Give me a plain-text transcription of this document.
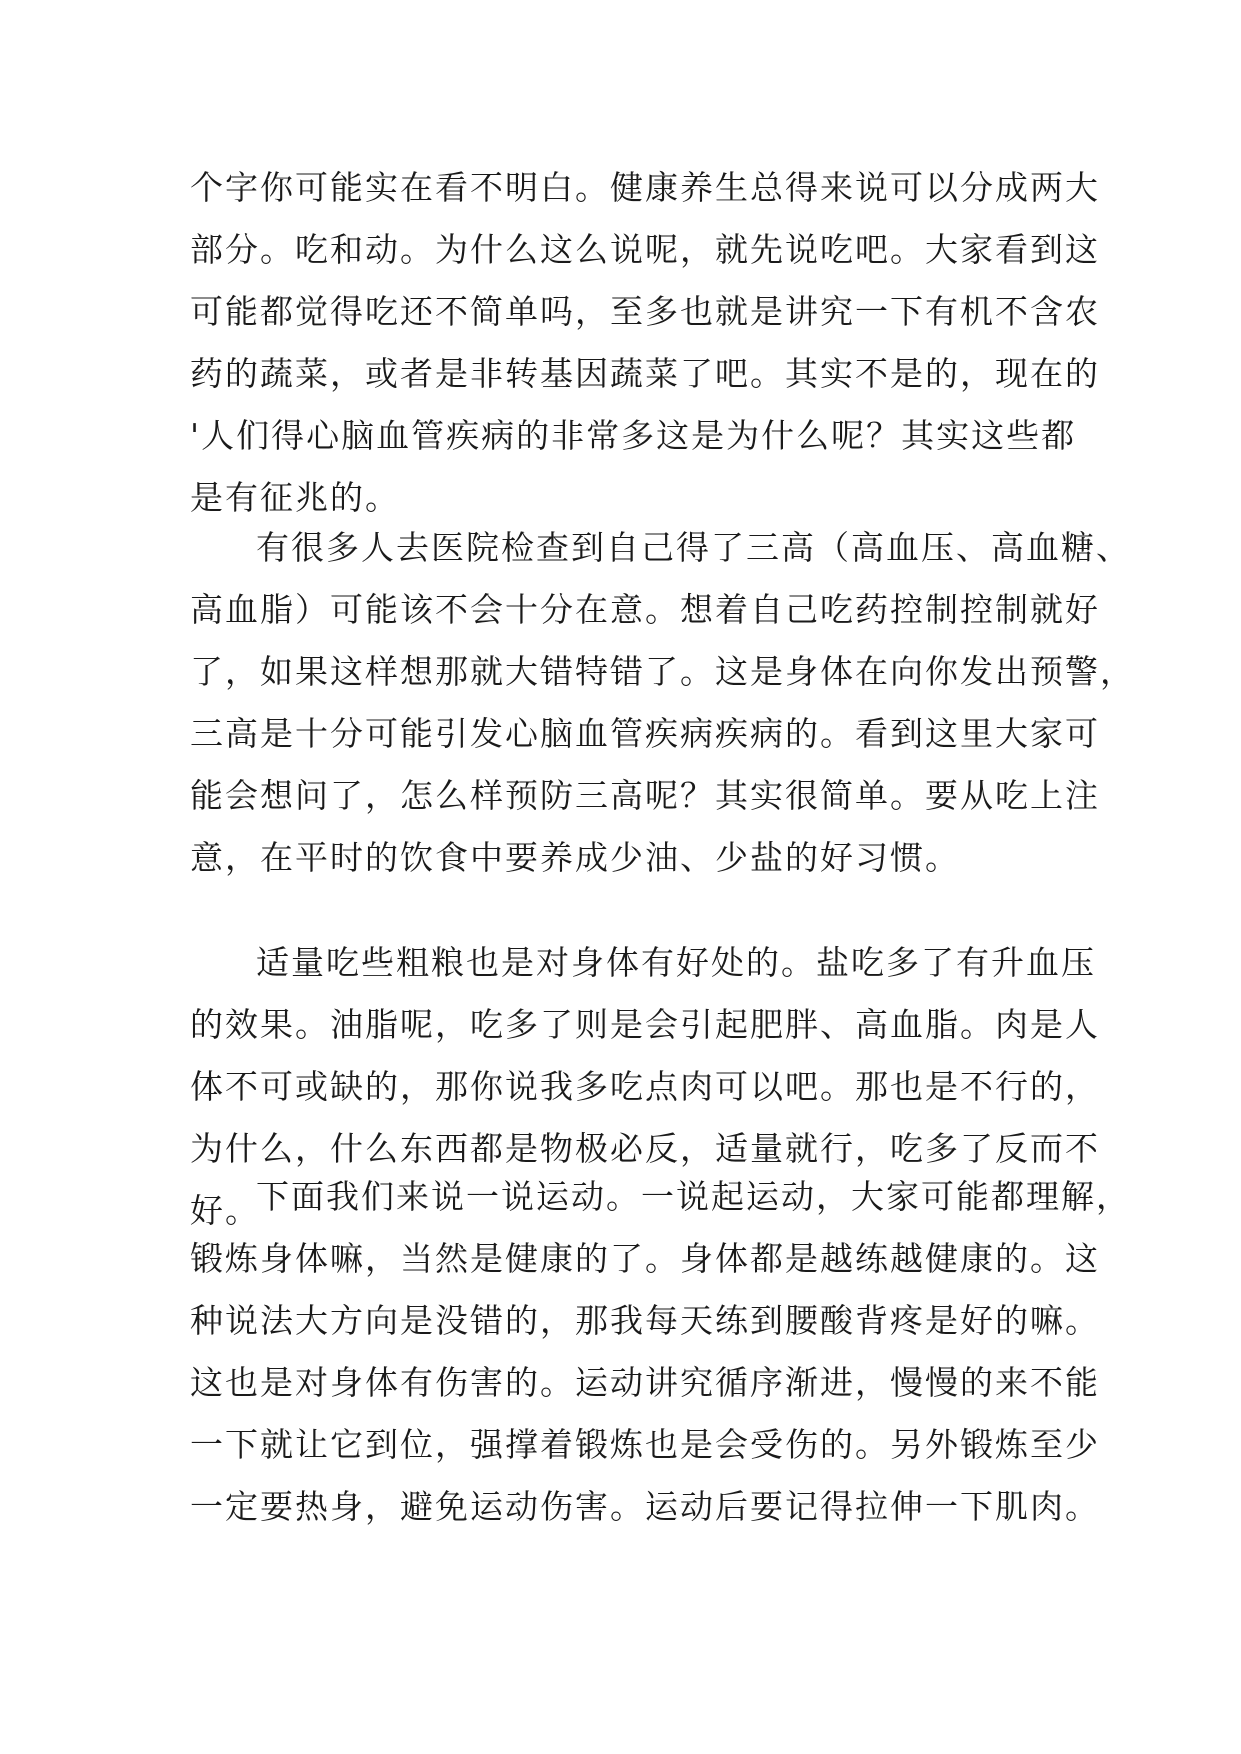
个字你可能实在看不明白。健康养生总得来说可以分成两大
部分。吃和动。为什么这么说呢，就先说吃吧。大家看到这
可能都觉得吃还不简单吗，至多也就是讲究一下有机不含农
药的蔬菜，或者是非转基因蔬菜了吧。其实不是的，现在的
'人们得心脑血管疾病的非常多这是为什么呢？其实这些都
是有征兆的。
有很多人去医院检查到自己得了三高（高血压、高血糖、
高血脂）可能该不会十分在意。想着自己吃药控制控制就好
了，如果这样想那就大错特错了。这是身体在向你发出预警，
三高是十分可能引发心脑血管疾病疾病的。看到这里大家可
能会想问了，怎么样预防三高呢？其实很简单。要从吃上注
意，在平时的饮食中要养成少油、少盐的好习惯。
适量吃些粗粮也是对身体有好处的。盐吃多了有升血压
的效果。油脂呢，吃多了则是会引起肥胖、高血脂。肉是人
体不可或缺的，那你说我多吃点肉可以吧。那也是不行的，
为什么，什么东西都是物极必反，适量就行，吃多了反而不
好。
下面我们来说一说运动。一说起运动，大家可能都理解，
锻炼身体嘛，当然是健康的了。身体都是越练越健康的。这
种说法大方向是没错的，那我每天练到腰酸背疼是好的嘛。
这也是对身体有伤害的。运动讲究循序渐进，慢慢的来不能
一下就让它到位，强撑着锻炼也是会受伤的。另外锻炼至少
一定要热身，避免运动伤害。运动后要记得拉伸一下肌肉。
